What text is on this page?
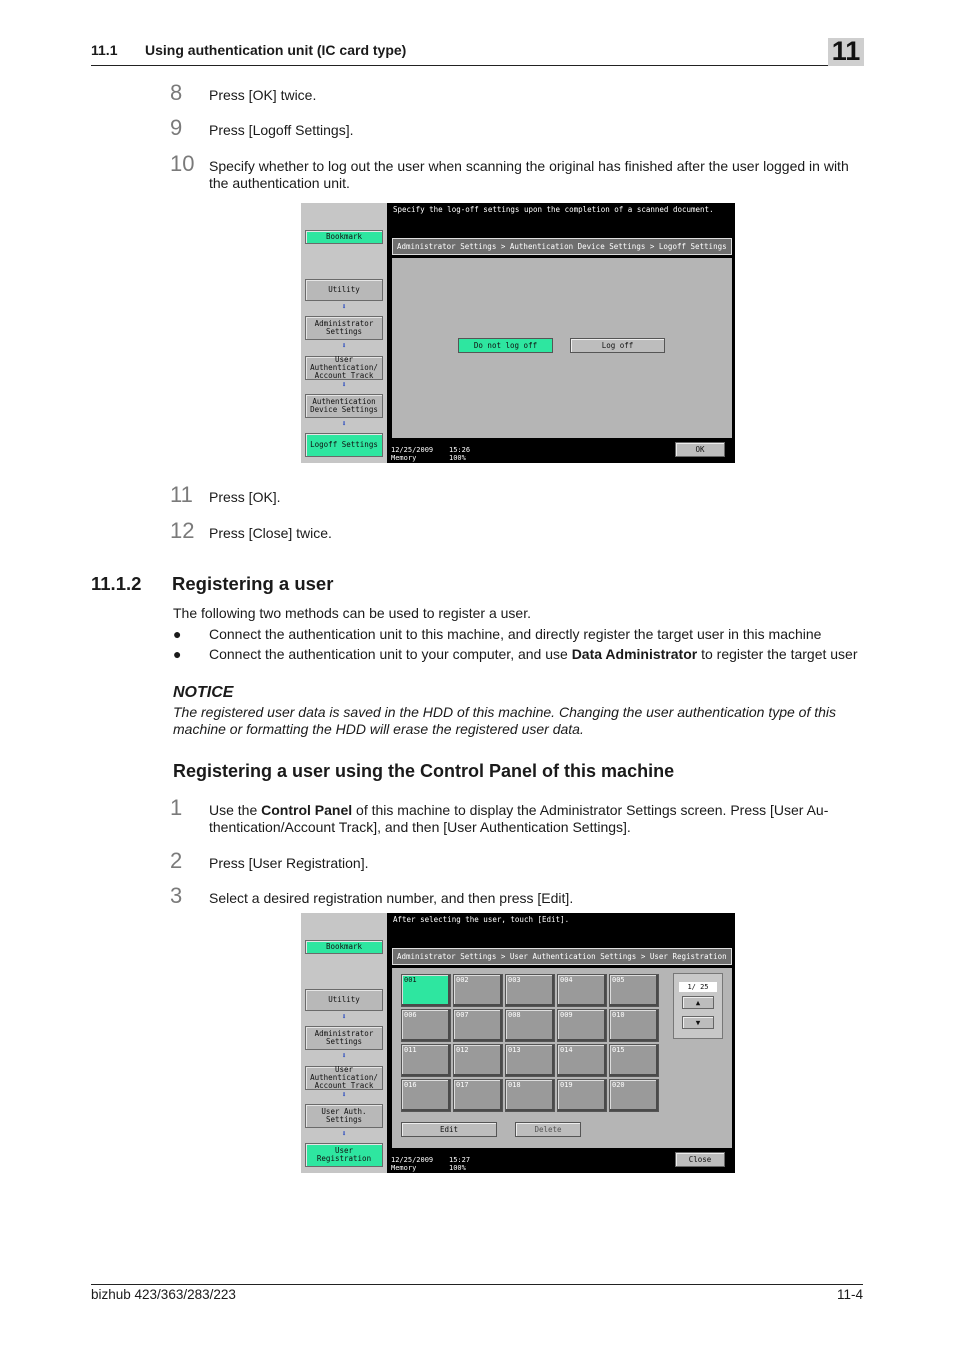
11.1 Using authentication unit (IC card type)	11
8	Press [OK] twice.
9	Press [Logoff Settings].
10	Specify whether to log out the user when scanning the original has finished after the user logged in with the authentication unit.
Bookmark
Utility
⬇
Administrator Settings
⬇
User Authentication/ Account Track
⬇
Authentication Device Settings
⬇
Logoff Settings
Specify the log-off settings upon the completion of a scanned document.
Administrator Settings > Authentication Device Settings > Logoff Settings
Do not log off	Log off
12/25/2009 15:26
Memory	100%
OK
11	Press [OK].
12	Press [Close] twice.
11.1.2 Registering a user
The following two methods can be used to register a user.
● Connect the authentication unit to this machine, and directly register the target user in this machine
● Connect the authentication unit to your computer, and use Data Administrator to register the target user
NOTICE
The registered user data is saved in the HDD of this machine. Changing the user authentication type of this machine or formatting the HDD will erase the registered user data.
Registering a user using the Control Panel of this machine
1	Use the Control Panel of this machine to display the Administrator Settings screen. Press [User Au-thentication/Account Track], and then [User Authentication Settings].
2	Press [User Registration].
3	Select a desired registration number, and then press [Edit].
Bookmark
Utility
⬇
Administrator Settings
⬇
User Authentication/ Account Track
⬇
User Auth. Settings
⬇
User Registration
After selecting the user, touch [Edit].
Administrator Settings > User Authentication Settings > User Registration
001	002	003	004	005
006	007	008	009	010
011	012	013	014	015
016	017	018	019	020
1/ 25
▲
▼
Edit	Delete
12/25/2009 15:27
Memory	100%
Close
bizhub 423/363/283/223	11-4
